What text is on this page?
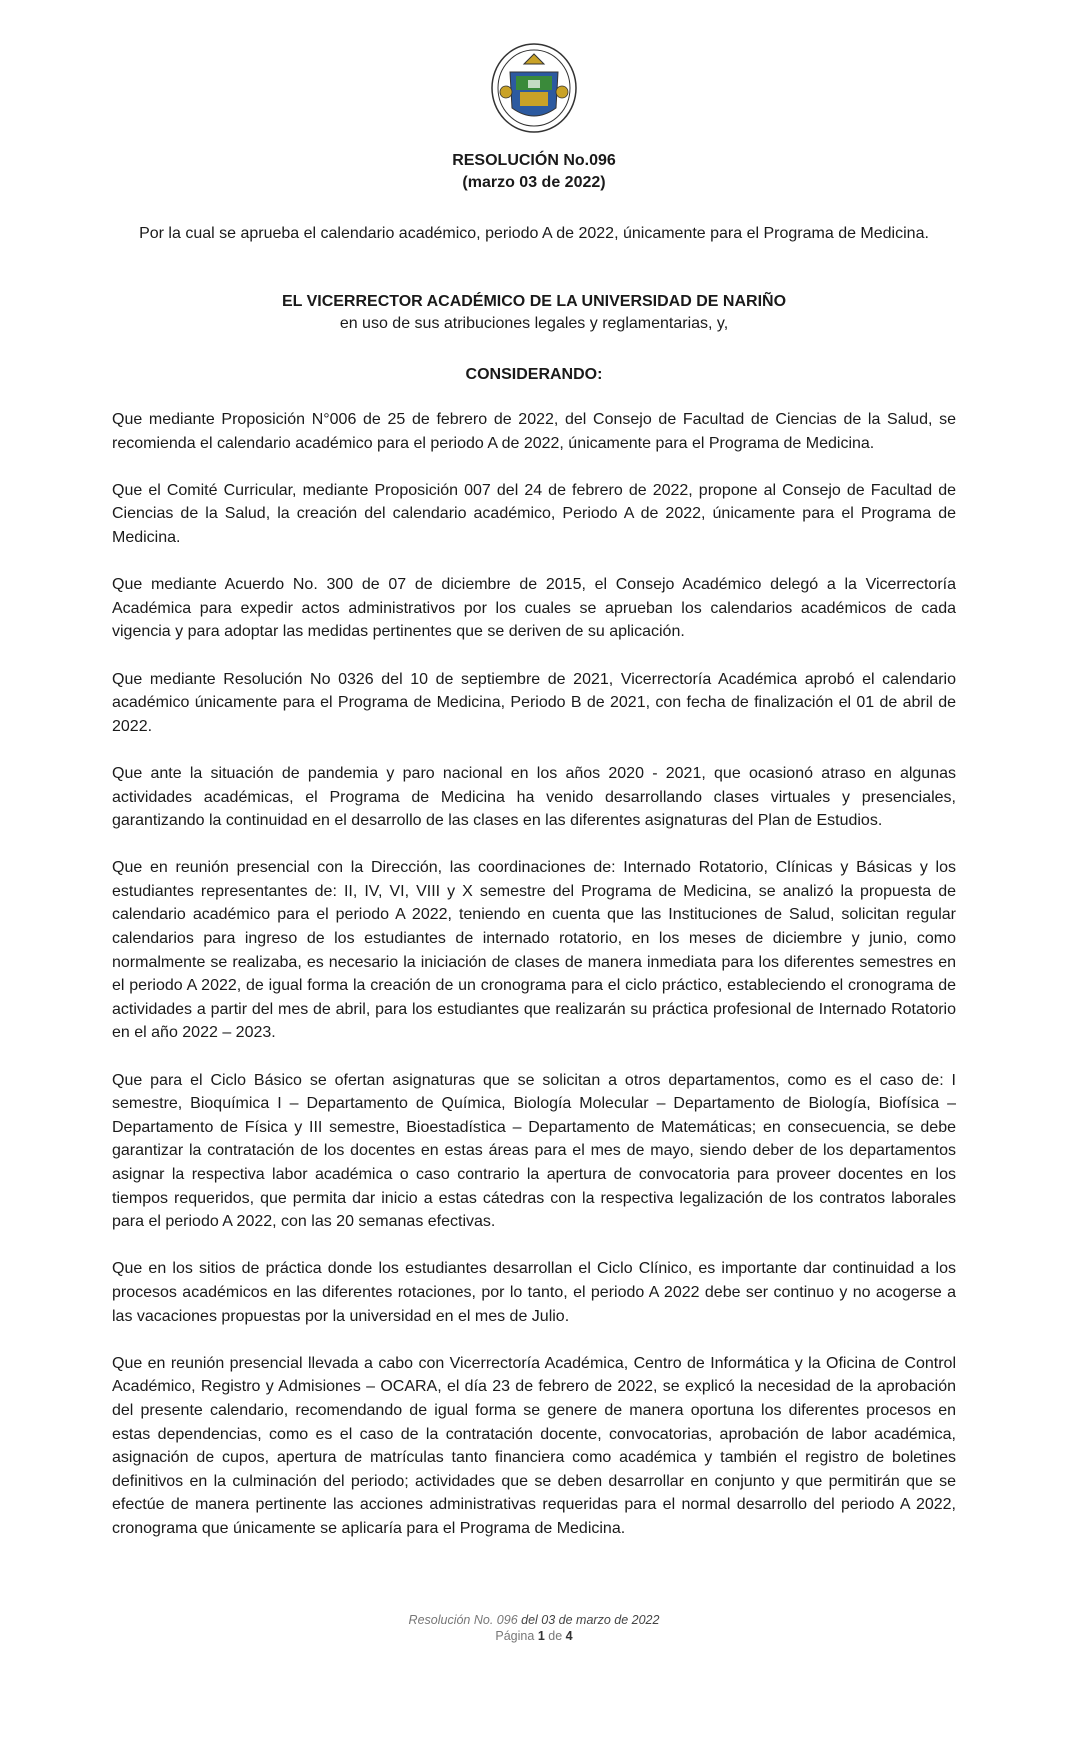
RESOLUCIÓN No.096
(marzo 03 de 2022)
Por la cual se aprueba el calendario académico, periodo A de 2022, únicamente para el Programa de Medicina.
EL VICERRECTOR ACADÉMICO DE LA UNIVERSIDAD DE NARIÑO
en uso de sus atribuciones legales y reglamentarias, y,
CONSIDERANDO:

Que mediante Proposición N°006 de 25 de febrero de 2022, del Consejo de Facultad de Ciencias de la Salud, se recomienda el calendario académico para el periodo A de 2022, únicamente para el Programa de Medicina.

Que el Comité Curricular, mediante Proposición 007 del 24 de febrero de 2022, propone al Consejo de Facultad de Ciencias de la Salud, la creación del calendario académico, Periodo A de 2022, únicamente para el Programa de Medicina.

Que mediante Acuerdo No. 300 de 07 de diciembre de 2015, el Consejo Académico delegó a la Vicerrectoría Académica para expedir actos administrativos por los cuales se aprueban los calendarios académicos de cada vigencia y para adoptar las medidas pertinentes que se deriven de su aplicación.

Que mediante Resolución No 0326 del 10 de septiembre de 2021, Vicerrectoría Académica aprobó el calendario académico únicamente para el Programa de Medicina, Periodo B de 2021, con fecha de finalización el 01 de abril de 2022.

Que ante la situación de pandemia y paro nacional en los años 2020 - 2021, que ocasionó atraso en algunas actividades académicas, el Programa de Medicina ha venido desarrollando clases virtuales y presenciales, garantizando la continuidad en el desarrollo de las clases en las diferentes asignaturas del Plan de Estudios.

Que en reunión presencial con la Dirección, las coordinaciones de: Internado Rotatorio, Clínicas y Básicas y los estudiantes representantes de: II, IV, VI, VIII y X semestre del Programa de Medicina, se analizó la propuesta de calendario académico para el periodo A 2022, teniendo en cuenta que las Instituciones de Salud, solicitan regular calendarios para ingreso de los estudiantes de internado rotatorio, en los meses de diciembre y junio, como normalmente se realizaba, es necesario la iniciación de clases de manera inmediata para los diferentes semestres en el periodo A 2022, de igual forma la creación de un cronograma para el ciclo práctico, estableciendo el cronograma de actividades a partir del mes de abril, para los estudiantes que realizarán su práctica profesional de Internado Rotatorio en el año 2022 – 2023.

Que para el Ciclo Básico se ofertan asignaturas que se solicitan a otros departamentos, como es el caso de: I semestre, Bioquímica I – Departamento de Química, Biología Molecular – Departamento de Biología, Biofísica – Departamento de Física y III semestre, Bioestadística – Departamento de Matemáticas; en consecuencia, se debe garantizar la contratación de los docentes en estas áreas para el mes de mayo, siendo deber de los departamentos asignar la respectiva labor académica o caso contrario la apertura de convocatoria para proveer docentes en los tiempos requeridos, que permita dar inicio a estas cátedras con la respectiva legalización de los contratos laborales para el periodo A 2022, con las 20 semanas efectivas.

Que en los sitios de práctica donde los estudiantes desarrollan el Ciclo Clínico, es importante dar continuidad a los procesos académicos en las diferentes rotaciones, por lo tanto, el periodo A 2022 debe ser continuo y no acogerse a las vacaciones propuestas por la universidad en el mes de Julio.

Que en reunión presencial llevada a cabo con Vicerrectoría Académica, Centro de Informática y la Oficina de Control Académico, Registro y Admisiones – OCARA, el día 23 de febrero de 2022, se explicó la necesidad de la aprobación del presente calendario, recomendando de igual forma se genere de manera oportuna los diferentes procesos en estas dependencias, como es el caso de la contratación docente, convocatorias, aprobación de labor académica, asignación de cupos, apertura de matrículas tanto financiera como académica y también el registro de boletines definitivos en la culminación del periodo; actividades que se deben desarrollar en conjunto y que permitirán que se efectúe de manera pertinente las acciones administrativas requeridas para el normal desarrollo del periodo A 2022, cronograma que únicamente se aplicaría para el Programa de Medicina.

Resolución No. 096 del 03 de marzo de 2022
Página 1 de 4
